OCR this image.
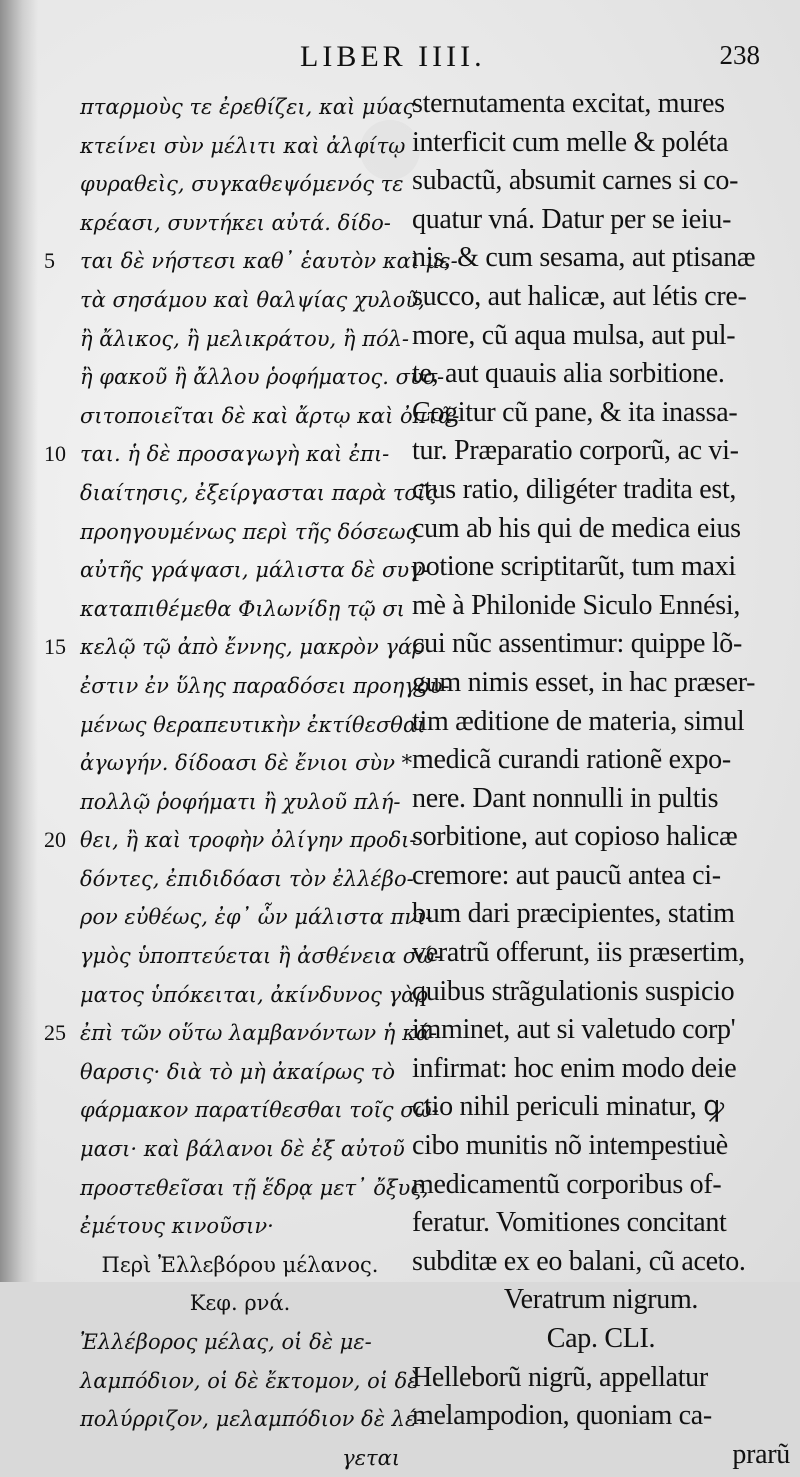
LIBER IIII.	238
5
10
15
20
25
πταρμοὺς τε ἐρεθίζει, καὶ μύας
κτείνει σὺν μέλιτι καὶ ἀλφίτῳ
φυραθεὶς, συγκαθεψόμενός τε
κρέασι, συντήκει αὐτά. δίδο-
ται δὲ νήστεσι καθ᾽ ἑαυτὸν καὶ με-
τὰ σησάμου καὶ θαλψίας χυλοῦ,
ἢ ἄλικος, ἢ μελικράτου, ἢ πόλ-
ἢ φακοῦ ἢ ἄλλου ῥοφήματος. συσ-
σιτοποιεῖται δὲ καὶ ἄρτῳ καὶ ὀπτᾶ-
ται. ἡ δὲ προσαγωγὴ καὶ ἐπι-
διαίτησις, ἐξείργασται παρὰ τοῖς
προηγουμένως περὶ τῆς δόσεως
αὐτῆς γράψασι, μάλιστα δὲ συγ-
καταπιθέμεθα Φιλωνίδῃ τῷ σι
κελῷ τῷ ἀπὸ ἔννης, μακρὸν γάρ
ἐστιν ἐν ὕλης παραδόσει προηγου-
μένως θεραπευτικὴν ἐκτίθεσθαι
ἀγωγήν. δίδοασι δὲ ἔνιοι σὺν *
πολλῷ ῥοφήματι ἢ χυλοῦ πλή-
θει, ἢ καὶ τροφὴν ὀλίγην προδι-
δόντες, ἐπιδιδόασι τὸν ἐλλέβο-
ρον εὐθέως, ἐφ᾽ ὧν μάλιστα πνι-
γμὸς ὑποπτεύεται ἢ ἀσθένεια σώ-
ματος ὑπόκειται, ἀκίνδυνος γὰρ
ἐπὶ τῶν οὕτω λαμβανόντων ἡ κά-
θαρσις· διὰ τὸ μὴ ἀκαίρως τὸ
φάρμακον παρατίθεσθαι τοῖς σώ-
μασι· καὶ βάλανοι δὲ ἐξ αὐτοῦ
προστεθεῖσαι τῇ ἕδρᾳ μετ᾽ ὄξυς,
ἐμέτους κινοῦσιν·
Περὶ Ἐλλεβόρου μέλανος.
Κεφ. ρνά.
Ἐλλέβορος μέλας, οἱ δὲ με-
λαμπόδιον, οἱ δὲ ἔκτομον, οἱ δὲ
πολύρριζον, μελαμπόδιον δὲ λέ-
γεται
sternutamenta excitat, mures
interficit cum melle & poléta
subactũ, absumit carnes si co-
quatur vná. Datur per se ieiu-
nis, & cum sesama, aut ptisanæ
succo, aut halicæ, aut létis cre-
more, cũ aqua mulsa, aut pul-
te, aut quauis alia sorbitione.
Cogitur cũ pane, & ita inassa-
tur. Præparatio corporũ, ac vi-
ctus ratio, diligéter tradita est,
cum ab his qui de medica eius
potione scriptitarũt, tum maxi
mè à Philonide Siculo Ennési,
cui nũc assentimur: quippe lõ-
gum nimis esset, in hac præser-
tim æditione de materia, simul
medicã curandi rationẽ expo-
nere. Dant nonnulli in pultis
sorbitione, aut copioso halicæ
cremore: aut paucũ antea ci-
bum dari præcipientes, statim
veratrũ offerunt, iis præsertim,
quibus strãgulationis suspicio
imminet, aut si valetudo corp'
infirmat: hoc enim modo deie
ctio nihil periculi minatur, ꝙ
cibo munitis nõ intempestiuè
medicamentũ corporibus of-
feratur. Vomitiones concitant
subditæ ex eo balani, cũ aceto.
Veratrum nigrum.
Cap. CLI.
Helleborũ nigrũ, appellatur
melampodion, quoniam ca-
prarũ
